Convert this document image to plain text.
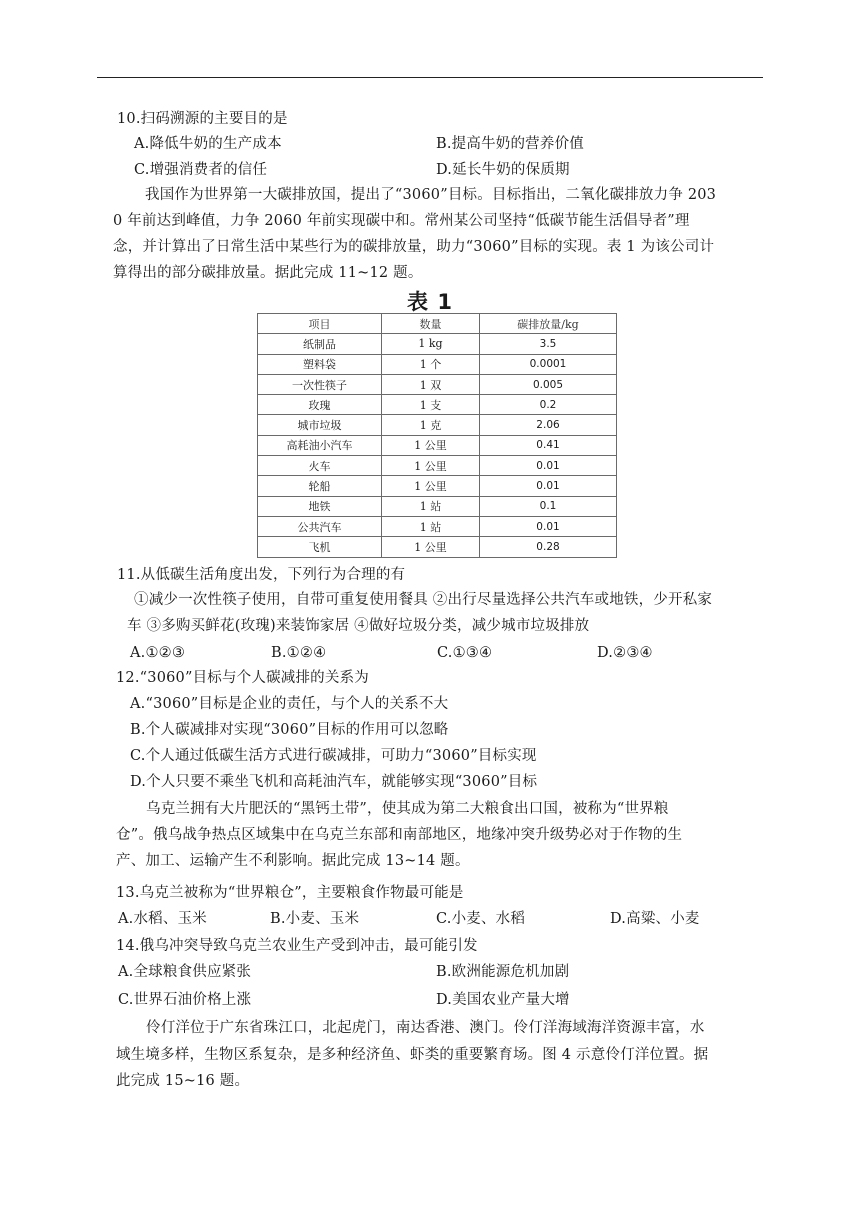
10.扫码溯源的主要目的是
A.降低牛奶的生产成本	B.提高牛奶的营养价值
C.增强消费者的信任	D.延长牛奶的保质期
我国作为世界第一大碳排放国，提出了“3060”目标。目标指出，二氧化碳排放力争 203
0 年前达到峰值，力争 2060 年前实现碳中和。常州某公司坚持“低碳节能生活倡导者”理
念，并计算出了日常生活中某些行为的碳排放量，助力“3060”目标的实现。表 1 为该公司计
算得出的部分碳排放量。据此完成 11~12 题。
表 1
项目	数量	碳排放量/kg
纸制品	1 kg	3.5
塑料袋	1 个	0.0001
一次性筷子	1 双	0.005
玫瑰	1 支	0.2
城市垃圾	1 克	2.06
高耗油小汽车	1 公里	0.41
火车	1 公里	0.01
轮船	1 公里	0.01
地铁	1 站	0.1
公共汽车	1 站	0.01
飞机	1 公里	0.28
11.从低碳生活角度出发，下列行为合理的有
①减少一次性筷子使用，自带可重复使用餐具 ②出行尽量选择公共汽车或地铁，少开私家
车 ③多购买鲜花(玫瑰)来装饰家居 ④做好垃圾分类，减少城市垃圾排放
A.①②③	B.①②④	C.①③④	D.②③④
12.“3060”目标与个人碳减排的关系为
A.“3060”目标是企业的责任，与个人的关系不大
B.个人碳减排对实现“3060”目标的作用可以忽略
C.个人通过低碳生活方式进行碳减排，可助力“3060”目标实现
D.个人只要不乘坐飞机和高耗油汽车，就能够实现“3060”目标
乌克兰拥有大片肥沃的“黑钙土带”，使其成为第二大粮食出口国，被称为“世界粮
仓”。俄乌战争热点区域集中在乌克兰东部和南部地区，地缘冲突升级势必对于作物的生
产、加工、运输产生不利影响。据此完成 13~14 题。
13.乌克兰被称为“世界粮仓”，主要粮食作物最可能是
A.水稻、玉米	B.小麦、玉米	C.小麦、水稻	D.高粱、小麦
14.俄乌冲突导致乌克兰农业生产受到冲击，最可能引发
A.全球粮食供应紧张	B.欧洲能源危机加剧
C.世界石油价格上涨	D.美国农业产量大增
伶仃洋位于广东省珠江口，北起虎门，南达香港、澳门。伶仃洋海域海洋资源丰富，水
域生境多样，生物区系复杂，是多种经济鱼、虾类的重要繁育场。图 4 示意伶仃洋位置。据
此完成 15~16 题。
